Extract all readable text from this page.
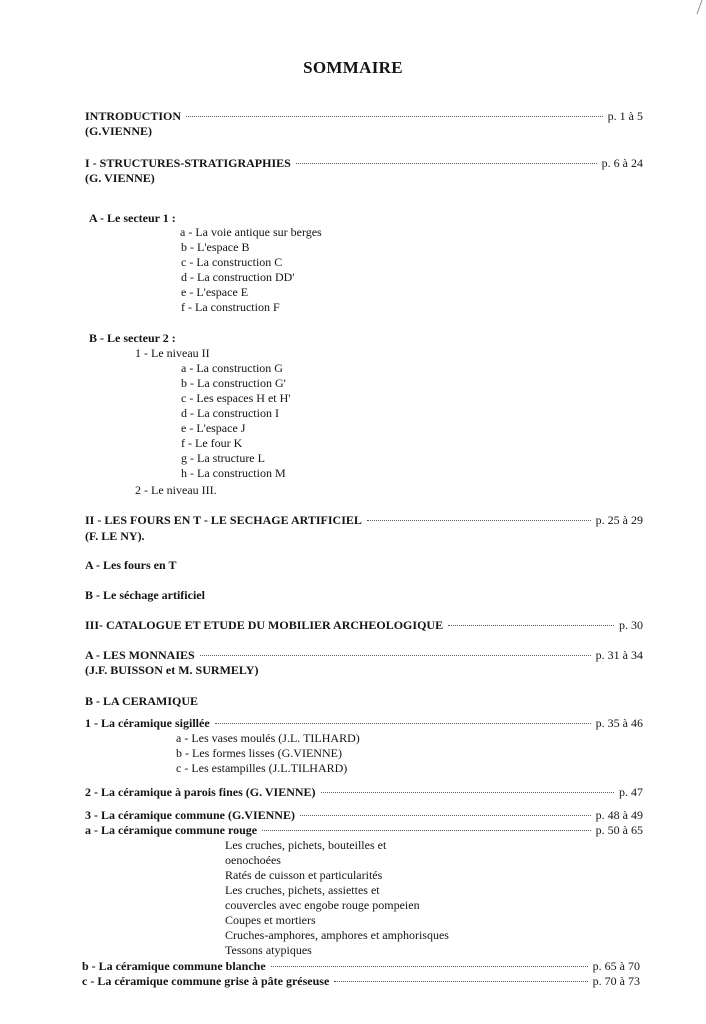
SOMMAIRE
INTRODUCTION	p. 1 à 5
(G.VIENNE)
I - STRUCTURES-STRATIGRAPHIES	p. 6 à 24
(G. VIENNE)
A - Le secteur 1 :
a - La voie antique sur berges
b - L'espace B
c - La construction C
d - La construction DD'
e - L'espace E
f - La construction F
B - Le secteur 2 :
1 - Le niveau II
a - La construction G
b - La construction G'
c - Les espaces H et H'
d - La construction I
e - L'espace J
f - Le four K
g - La structure L
h - La construction M
2 - Le niveau III.
II - LES FOURS EN T - LE SECHAGE ARTIFICIEL	p. 25 à 29
(F. LE NY).
A - Les fours en T
B - Le séchage artificiel
III- CATALOGUE ET ETUDE DU MOBILIER ARCHEOLOGIQUE	p. 30
A - LES MONNAIES	p. 31 à 34
(J.F. BUISSON et M. SURMELY)
B - LA CERAMIQUE
1 - La céramique sigillée	p. 35 à 46
a - Les vases moulés (J.L. TILHARD)
b - Les formes lisses (G.VIENNE)
c - Les estampilles (J.L.TILHARD)
2 - La céramique à parois fines (G. VIENNE)	p. 47
3 - La céramique commune (G.VIENNE)	p. 48 à 49
a - La céramique commune rouge	p. 50 à 65
Les cruches, pichets, bouteilles et
oenochoées
Ratés de cuisson et particularités
Les cruches, pichets, assiettes et
couvercles avec engobe rouge pompeien
Coupes et mortiers
Cruches-amphores, amphores et amphorisques
Tessons atypiques
b - La céramique commune blanche	p. 65 à 70
c - La céramique commune grise à pâte gréseuse	p. 70 à 73
